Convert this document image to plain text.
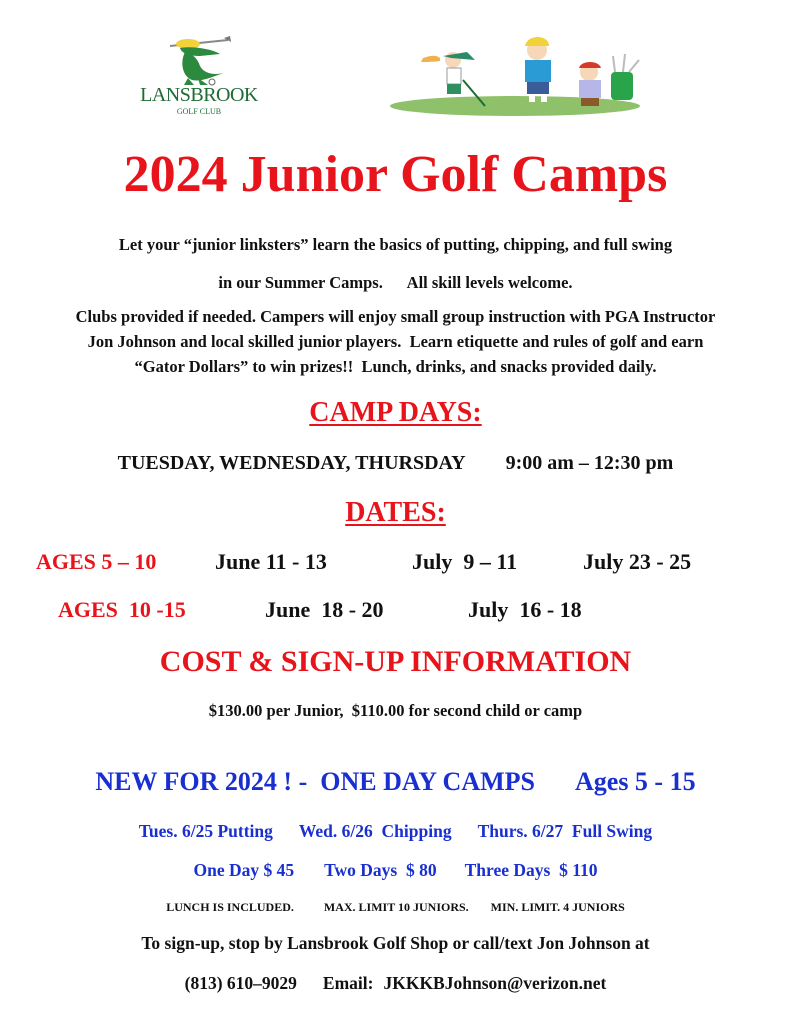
LANSBROOK
GOLF CLUB
2024 Junior Golf Camps
Let your “junior linksters” learn the basics of putting, chipping, and full swing
in our Summer Camps.      All skill levels welcome.
Clubs provided if needed. Campers will enjoy small group instruction with PGA Instructor
Jon Johnson and local skilled junior players.  Learn etiquette and rules of golf and earn
“Gator Dollars” to win prizes!!  Lunch, drinks, and snacks provided daily.
CAMP DAYS:
TUESDAY, WEDNESDAY, THURSDAY 9:00 am – 12:30 pm
DATES:
AGES 5 – 10	June 11 - 13	July  9 – 11	July 23 - 25
AGES  10 -15	June  18 - 20	July  16 - 18
COST & SIGN-UP INFORMATION
$130.00 per Junior,  $110.00 for second child or camp
NEW FOR 2024 ! -  ONE DAY CAMPS Ages 5 - 15
Tues. 6/25 Putting Wed. 6/26  Chipping Thurs. 6/27  Full Swing
One Day $ 45 Two Days  $ 80 Three Days  $ 110
LUNCH IS INCLUDED.	MAX. LIMIT 10 JUNIORS. MIN. LIMIT. 4 JUNIORS
To sign-up, stop by Lansbrook Golf Shop or call/text Jon Johnson at
(813) 610–9029 Email: JKKKBJohnson@verizon.net
